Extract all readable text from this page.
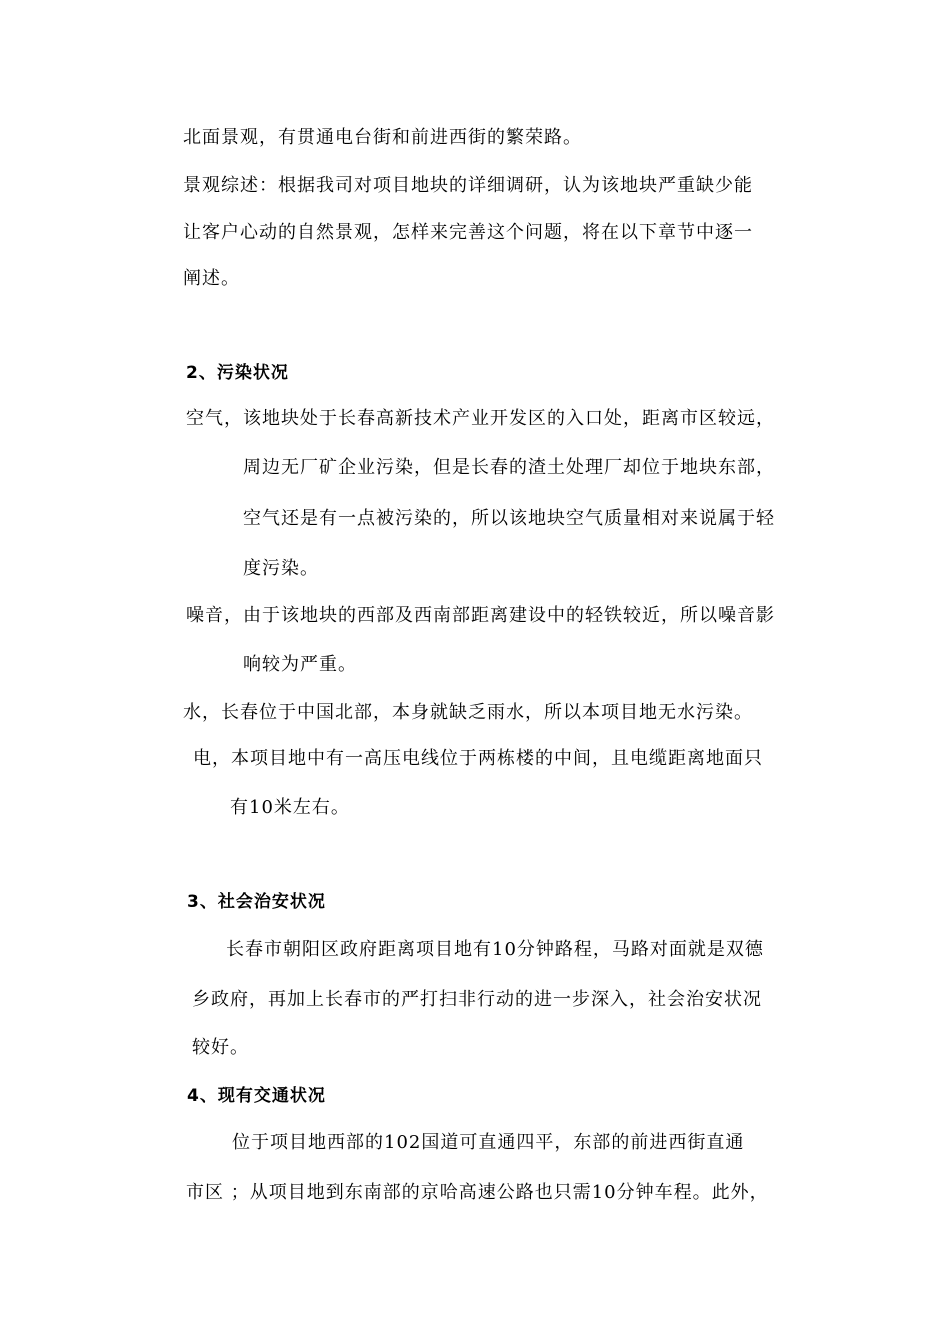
北面景观，有贯通电台街和前进西街的繁荣路。
景观综述：根据我司对项目地块的详细调研，认为该地块严重缺少能
让客户心动的自然景观，怎样来完善这个问题，将在以下章节中逐一
阐述。
2、污染状况
空气，该地块处于长春高新技术产业开发区的入口处，距离市区较远，
周边无厂矿企业污染，但是长春的渣土处理厂却位于地块东部，
空气还是有一点被污染的，所以该地块空气质量相对来说属于轻
度污染。
噪音，由于该地块的西部及西南部距离建设中的轻铁较近，所以噪音影
响较为严重。
水，长春位于中国北部，本身就缺乏雨水，所以本项目地无水污染。
电，本项目地中有一高压电线位于两栋楼的中间，且电缆距离地面只
有10米左右。
3、社会治安状况
长春市朝阳区政府距离项目地有10分钟路程，马路对面就是双德
乡政府，再加上长春市的严打扫非行动的进一步深入，社会治安状况
较好。
4、现有交通状况
位于项目地西部的102国道可直通四平，东部的前进西街直通
市区 ；从项目地到东南部的京哈高速公路也只需10分钟车程。此外，
